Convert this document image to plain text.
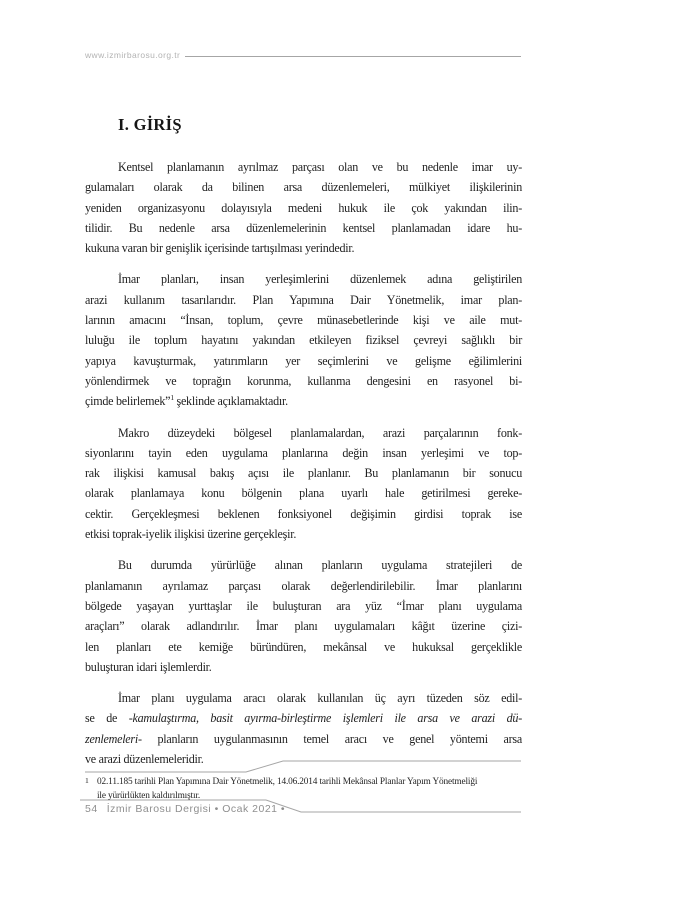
www.izmirbarosu.org.tr
I. GİRİŞ
Kentsel planlamanın ayrılmaz parçası olan ve bu nedenle imar uy-
gulamaları olarak da bilinen arsa düzenlemeleri, mülkiyet ilişkilerinin
yeniden organizasyonu dolayısıyla medeni hukuk ile çok yakından ilin-
tilidir. Bu nedenle arsa düzenlemelerinin kentsel planlamadan idare hu-
kukuna varan bir genişlik içerisinde tartışılması yerindedir.
İmar planları, insan yerleşimlerini düzenlemek adına geliştirilen
arazi kullanım tasarılarıdır. Plan Yapımına Dair Yönetmelik, imar plan-
larının amacını “İnsan, toplum, çevre münasebetlerinde kişi ve aile mut-
luluğu ile toplum hayatını yakından etkileyen fiziksel çevreyi sağlıklı bir
yapıya kavuşturmak, yatırımların yer seçimlerini ve gelişme eğilimlerini
yönlendirmek ve toprağın korunma, kullanma dengesini en rasyonel bi-
çimde belirlemek”$^1$ şeklinde açıklamaktadır.
Makro düzeydeki bölgesel planlamalardan, arazi parçalarının fonk-
siyonlarını tayin eden uygulama planlarına değin insan yerleşimi ve top-
rak ilişkisi kamusal bakış açısı ile planlanır. Bu planlamanın bir sonucu
olarak planlamaya konu bölgenin plana uyarlı hale getirilmesi gereke-
cektir. Gerçekleşmesi beklenen fonksiyonel değişimin girdisi toprak ise
etkisi toprak-iyelik ilişkisi üzerine gerçekleşir.
Bu durumda yürürlüğe alınan planların uygulama stratejileri de
planlamanın ayrılamaz parçası olarak değerlendirilebilir. İmar planlarını
bölgede yaşayan yurttaşlar ile buluşturan ara yüz “İmar planı uygulama
araçları” olarak adlandırılır. İmar planı uygulamaları kâğıt üzerine çizi-
len planları ete kemiğe büründüren, mekânsal ve hukuksal gerçeklikle
buluşturan idari işlemlerdir.
İmar planı uygulama aracı olarak kullanılan üç ayrı tüzeden söz edil-
se de -kamulaştırma, basit ayırma-birleştirme işlemleri ile arsa ve arazi dü-
zenlemeleri- planların uygulanmasının temel aracı ve genel yöntemi arsa
ve arazi düzenlemeleridir.
1 02.11.185 tarihli Plan Yapımına Dair Yönetmelik, 14.06.2014 tarihli Mekânsal Planlar Yapım Yönetmeliği
ile yürürlükten kaldırılmıştır.
54 İzmir Barosu Dergisi • Ocak 2021 •
